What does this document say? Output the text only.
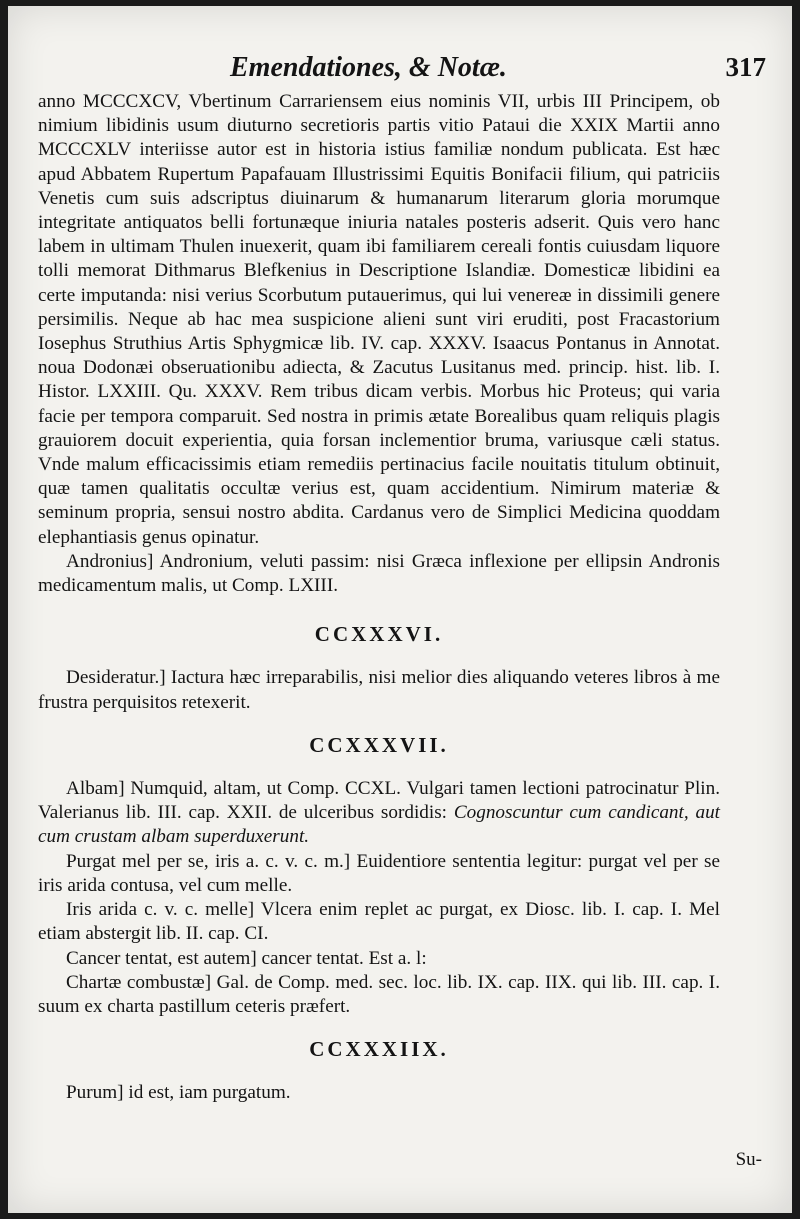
Emendationes, & Notæ.	317

anno MCCCXCV, Vbertinum Carrariensem eius nominis VII, urbis III Principem, ob nimium libidinis usum diuturno secretioris partis vitio Pataui die XXIX Martii anno MCCCXLV interiisse autor est in historia istius familiæ nondum publicata. Est hæc apud Abbatem Rupertum Papafauam Illustrissimi Equitis Bonifacii filium, qui patriciis Venetis cum suis adscriptus diuinarum & humanarum literarum gloria morumque integritate antiquatos belli fortunæque iniuria natales posteris adserit. Quis vero hanc labem in ultimam Thulen inuexerit, quam ibi familiarem cereali fontis cuiusdam liquore tolli memorat Dithmarus Blefkenius in Descriptione Islandiæ. Domesticæ libidini ea certe imputanda: nisi verius Scorbutum putauerimus, qui lui venereæ in dissimili genere persimilis. Neque ab hac mea suspicione alieni sunt viri eruditi, post Fracastorium Iosephus Struthius Artis Sphygmicæ lib. IV. cap. XXXV. Isaacus Pontanus in Annotat. noua Dodonæi obseruationibu adiecta, & Zacutus Lusitanus med. princip. hist. lib. I. Histor. LXXIII. Qu. XXXV. Rem tribus dicam verbis. Morbus hic Proteus; qui varia facie per tempora comparuit. Sed nostra in primis ætate Borealibus quam reliquis plagis grauiorem docuit experientia, quia forsan inclementior bruma, variusque cæli status. Vnde malum efficacissimis etiam remediis pertinacius facile nouitatis titulum obtinuit, quæ tamen qualitatis occultæ verius est, quam accidentium. Nimirum materiæ & seminum propria, sensui nostro abdita. Cardanus vero de Simplici Medicina quoddam elephantiasis genus opinatur.

Andronius] Andronium, veluti passim: nisi Græca inflexione per ellipsin Andronis medicamentum malis, ut Comp. LXIII.

CCXXXVI.

Desideratur.] Iactura hæc irreparabilis, nisi melior dies aliquando veteres libros à me frustra perquisitos retexerit.

CCXXXVII.

Albam] Numquid, altam, ut Comp. CCXL. Vulgari tamen lectioni patrocinatur Plin. Valerianus lib. III. cap. XXII. de ulceribus sordidis: Cognoscuntur cum candicant, aut cum crustam albam superduxerunt.

Purgat mel per se, iris a. c. v. c. m.] Euidentiore sententia legitur: purgat vel per se iris arida contusa, vel cum melle.

Iris arida c. v. c. melle] Vlcera enim replet ac purgat, ex Diosc. lib. I. cap. I. Mel etiam abstergit lib. II. cap. CI.

Cancer tentat, est autem] cancer tentat. Est a. l:

Chartæ combustæ] Gal. de Comp. med. sec. loc. lib. IX. cap. IIX. qui lib. III. cap. I. suum ex charta pastillum ceteris præfert.

CCXXXIIX.

Purum] id est, iam purgatum.

Su-
